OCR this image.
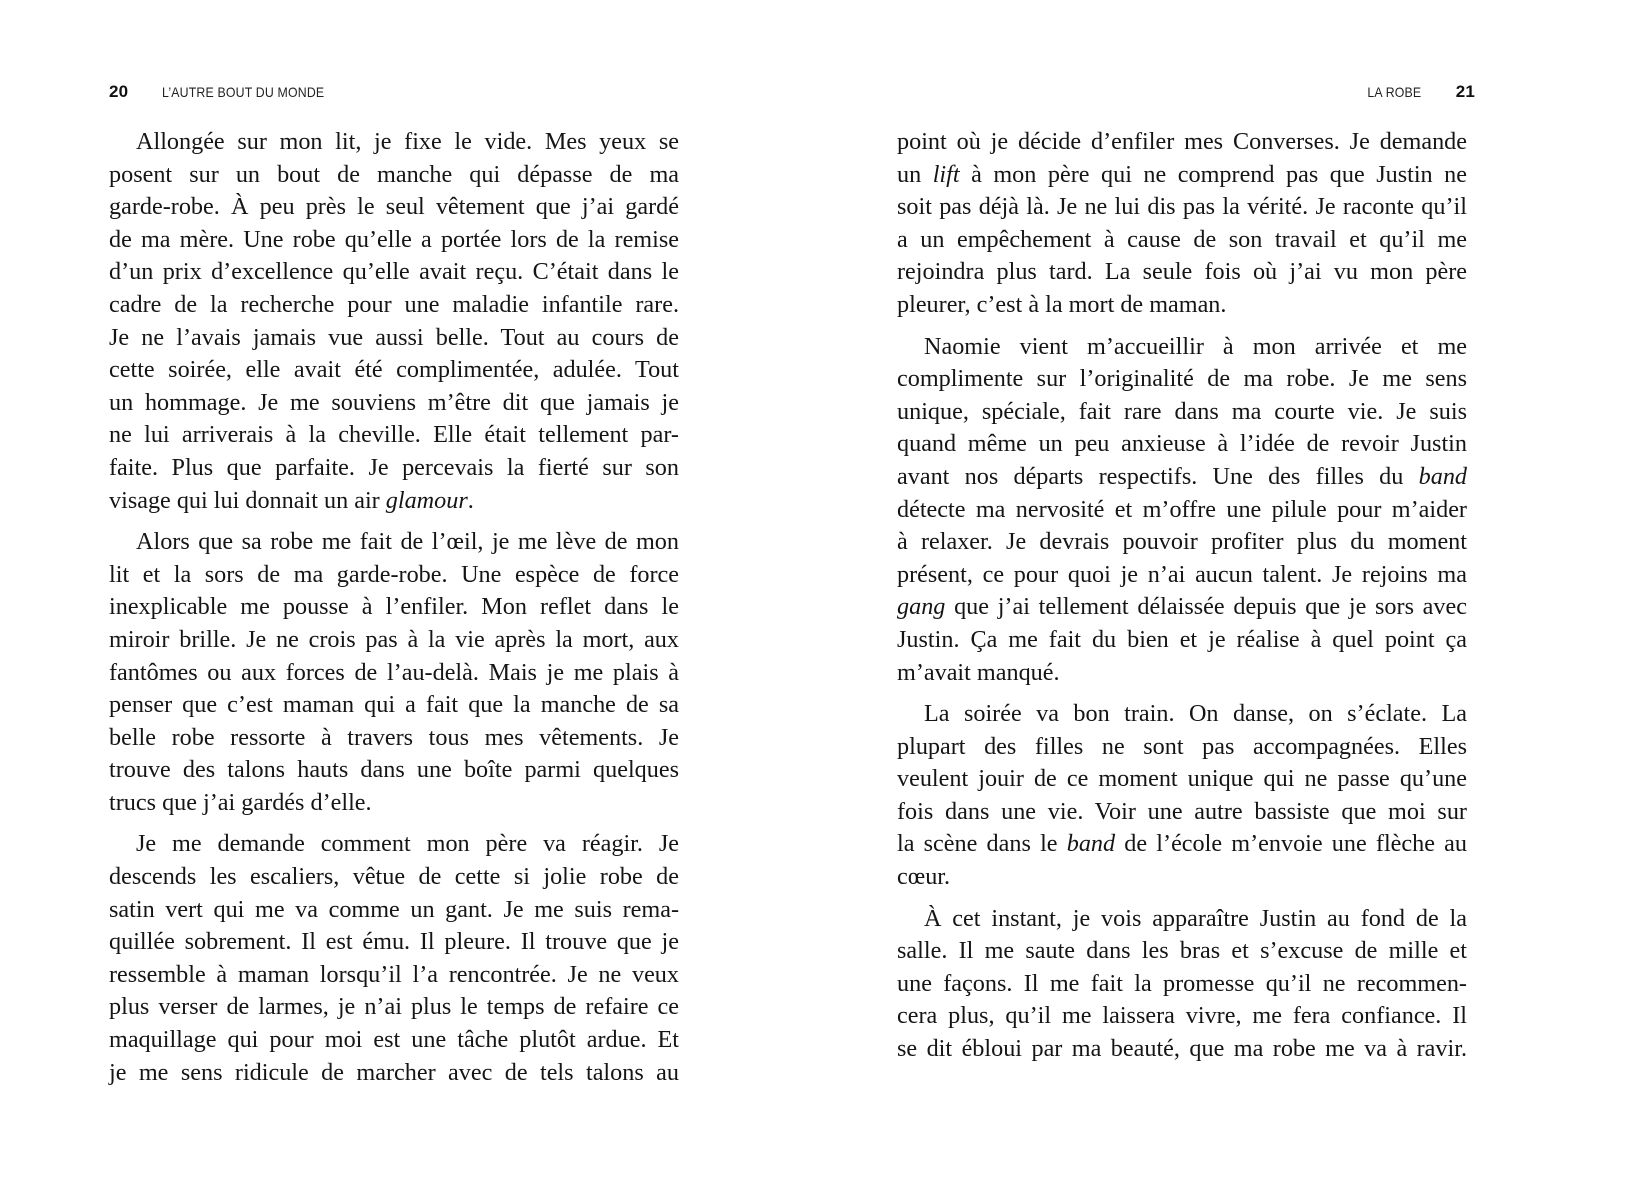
20 L’AUTRE BOUT DU MONDE
Allongée sur mon lit, je fixe le vide. Mes yeux se
posent sur un bout de manche qui dépasse de ma
garde-robe. À peu près le seul vêtement que j’ai gardé
de ma mère. Une robe qu’elle a portée lors de la remise
d’un prix d’excellence qu’elle avait reçu. C’était dans le
cadre de la recherche pour une maladie infantile rare.
Je ne l’avais jamais vue aussi belle. Tout au cours de
cette soirée, elle avait été complimentée, adulée. Tout
un hommage. Je me souviens m’être dit que jamais je
ne lui arriverais à la cheville. Elle était tellement par-
faite. Plus que parfaite. Je percevais la fierté sur son
visage qui lui donnait un air glamour.
Alors que sa robe me fait de l’œil, je me lève de mon
lit et la sors de ma garde-robe. Une espèce de force
inexplicable me pousse à l’enfiler. Mon reflet dans le
miroir brille. Je ne crois pas à la vie après la mort, aux
fantômes ou aux forces de l’au-delà. Mais je me plais à
penser que c’est maman qui a fait que la manche de sa
belle robe ressorte à travers tous mes vêtements. Je
trouve des talons hauts dans une boîte parmi quelques
trucs que j’ai gardés d’elle.
Je me demande comment mon père va réagir. Je
descends les escaliers, vêtue de cette si jolie robe de
satin vert qui me va comme un gant. Je me suis rema-
quillée sobrement. Il est ému. Il pleure. Il trouve que je
ressemble à maman lorsqu’il l’a rencontrée. Je ne veux
plus verser de larmes, je n’ai plus le temps de refaire ce
maquillage qui pour moi est une tâche plutôt ardue. Et
je me sens ridicule de marcher avec de tels talons au
LA ROBE 21
point où je décide d’enfiler mes Converses. Je demande
un lift à mon père qui ne comprend pas que Justin ne
soit pas déjà là. Je ne lui dis pas la vérité. Je raconte qu’il
a un empêchement à cause de son travail et qu’il me
rejoindra plus tard. La seule fois où j’ai vu mon père
pleurer, c’est à la mort de maman.
Naomie vient m’accueillir à mon arrivée et me
complimente sur l’originalité de ma robe. Je me sens
unique, spéciale, fait rare dans ma courte vie. Je suis
quand même un peu anxieuse à l’idée de revoir Justin
avant nos départs respectifs. Une des filles du band
détecte ma nervosité et m’offre une pilule pour m’aider
à relaxer. Je devrais pouvoir profiter plus du moment
présent, ce pour quoi je n’ai aucun talent. Je rejoins ma
gang que j’ai tellement délaissée depuis que je sors avec
Justin. Ça me fait du bien et je réalise à quel point ça
m’avait manqué.
La soirée va bon train. On danse, on s’éclate. La
plupart des filles ne sont pas accompagnées. Elles
veulent jouir de ce moment unique qui ne passe qu’une
fois dans une vie. Voir une autre bassiste que moi sur
la scène dans le band de l’école m’envoie une flèche au
cœur.
À cet instant, je vois apparaître Justin au fond de la
salle. Il me saute dans les bras et s’excuse de mille et
une façons. Il me fait la promesse qu’il ne recommen-
cera plus, qu’il me laissera vivre, me fera confiance. Il
se dit ébloui par ma beauté, que ma robe me va à ravir.
